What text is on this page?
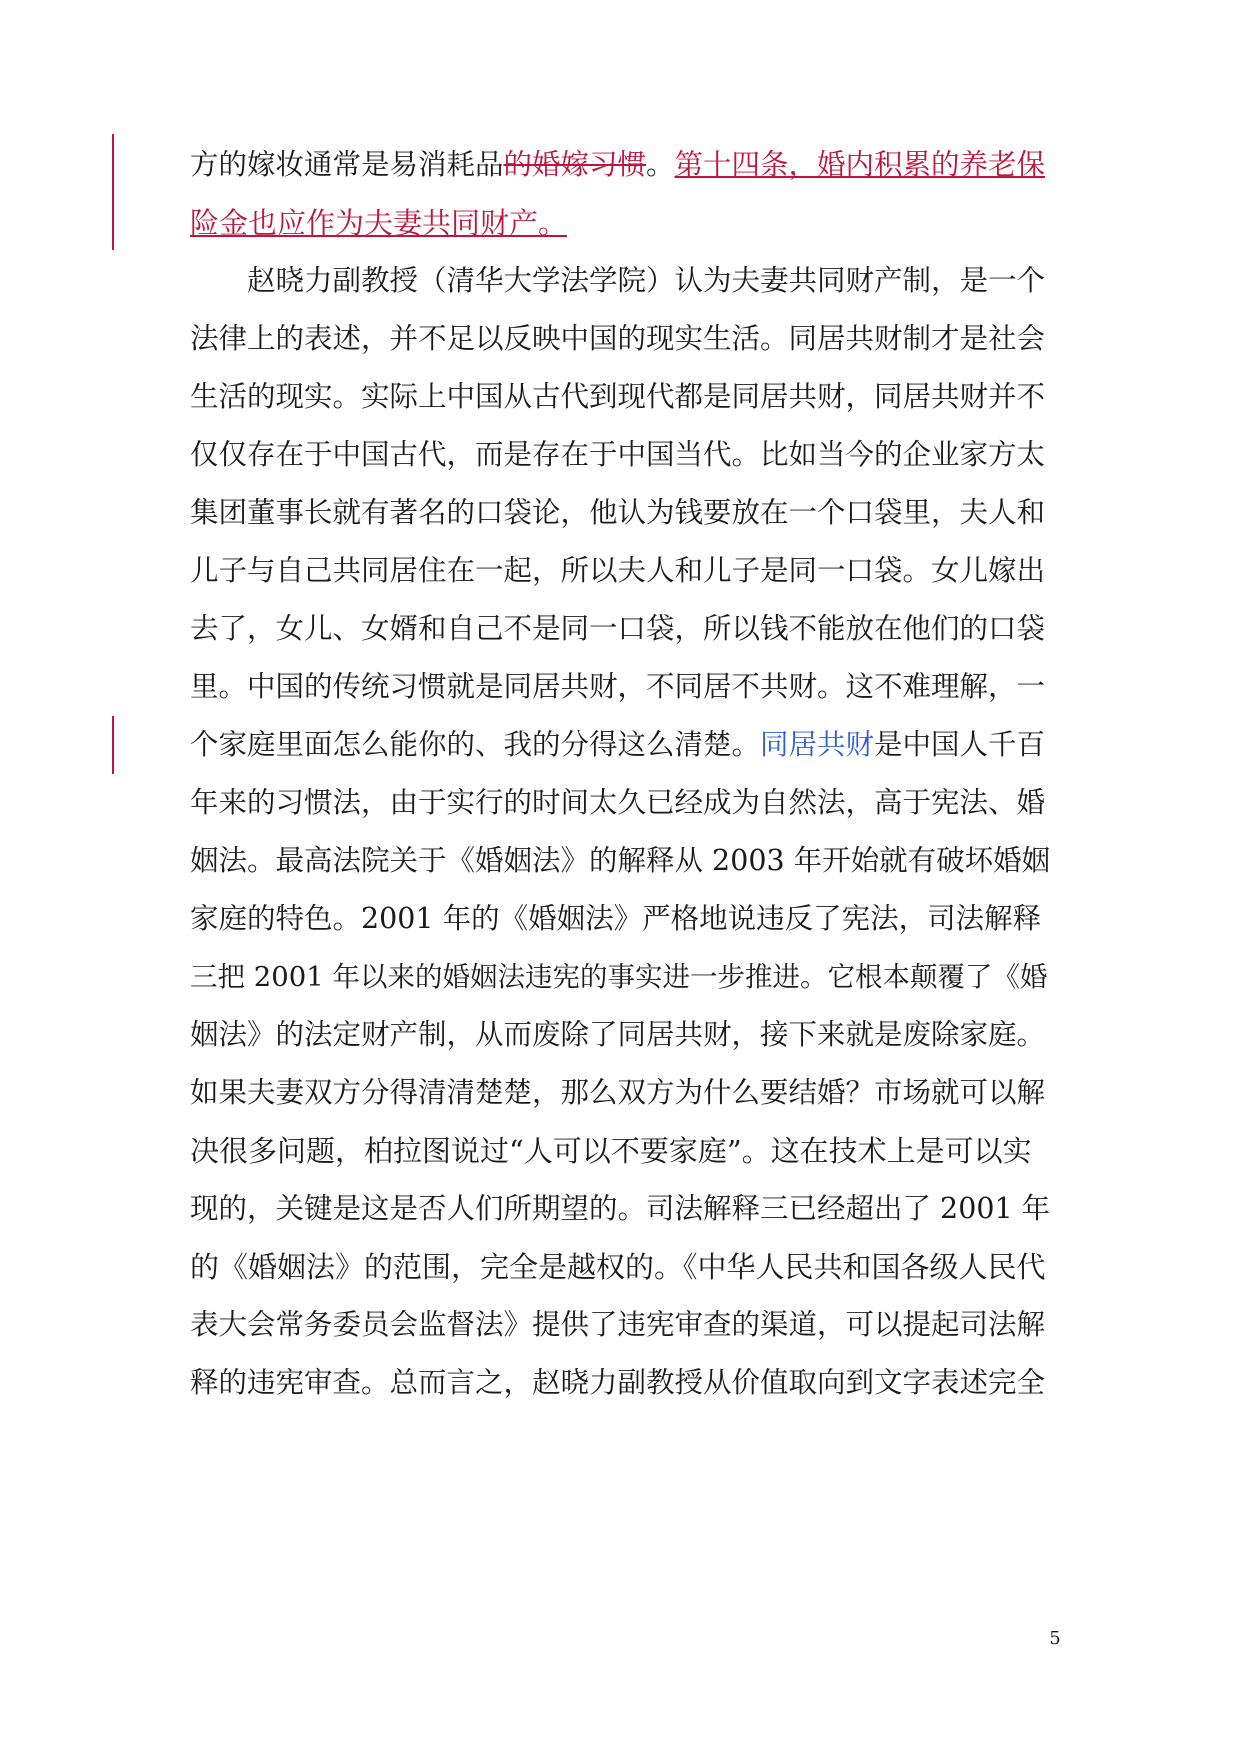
方的嫁妆通常是易消耗品的婚嫁习惯。第十四条，婚内积累的养老保
险金也应作为夫妻共同财产。
　　赵晓力副教授（清华大学法学院）认为夫妻共同财产制，是一个
法律上的表述，并不足以反映中国的现实生活。同居共财制才是社会
生活的现实。实际上中国从古代到现代都是同居共财，同居共财并不
仅仅存在于中国古代，而是存在于中国当代。比如当今的企业家方太
集团董事长就有著名的口袋论，他认为钱要放在一个口袋里，夫人和
儿子与自己共同居住在一起，所以夫人和儿子是同一口袋。女儿嫁出
去了，女儿、女婿和自己不是同一口袋，所以钱不能放在他们的口袋
里。中国的传统习惯就是同居共财，不同居不共财。这不难理解，一
个家庭里面怎么能你的、我的分得这么清楚。同居共财是中国人千百
年来的习惯法，由于实行的时间太久已经成为自然法，高于宪法、婚
姻法。最高法院关于《婚姻法》的解释从 2003 年开始就有破坏婚姻
家庭的特色。2001 年的《婚姻法》严格地说违反了宪法，司法解释
三把 2001 年以来的婚姻法违宪的事实进一步推进。它根本颠覆了《婚
姻法》的法定财产制，从而废除了同居共财，接下来就是废除家庭。
如果夫妻双方分得清清楚楚，那么双方为什么要结婚？市场就可以解
决很多问题，柏拉图说过“人可以不要家庭”。这在技术上是可以实
现的，关键是这是否人们所期望的。司法解释三已经超出了 2001 年
的《婚姻法》的范围，完全是越权的。《中华人民共和国各级人民代
表大会常务委员会监督法》提供了违宪审查的渠道，可以提起司法解
释的违宪审查。总而言之，赵晓力副教授从价值取向到文字表述完全
5
